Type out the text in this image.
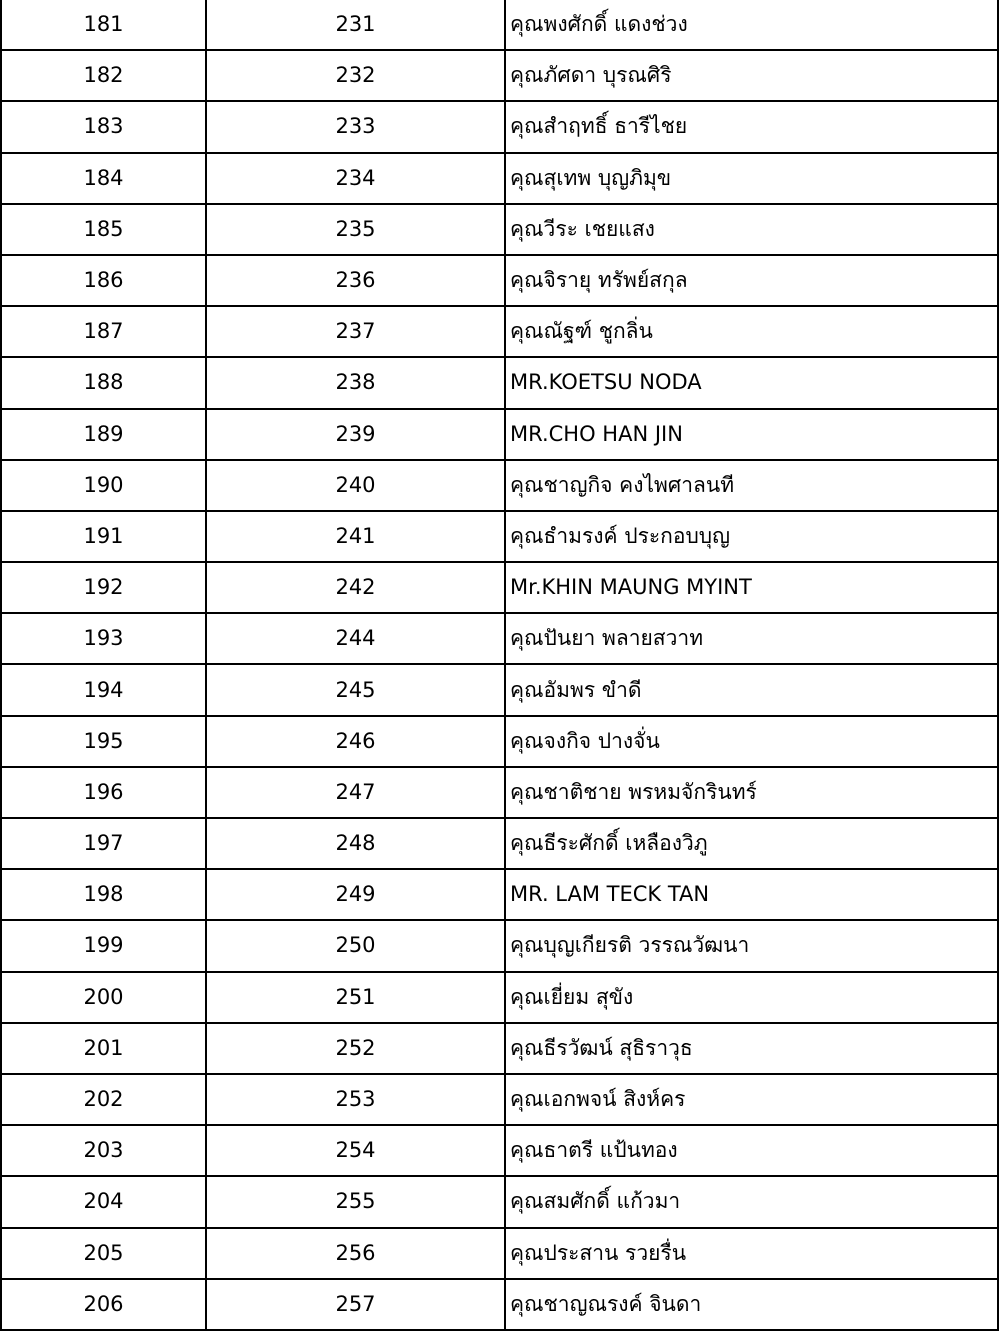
181	231	คุณพงศักดิ์ แดงช่วง
182	232	คุณภัศดา บุรณศิริ
183	233	คุณสำฤทธิ์ ธารีไชย
184	234	คุณสุเทพ บุญภิมุข
185	235	คุณวีระ เชยแสง
186	236	คุณจิรายุ ทรัพย์สกุล
187	237	คุณณัฐฑ์ ชูกลิ่น
188	238	MR.KOETSU NODA
189	239	MR.CHO HAN JIN
190	240	คุณชาญกิจ คงไพศาลนที
191	241	คุณธำมรงค์ ประกอบบุญ
192	242	Mr.KHIN MAUNG MYINT
193	244	คุณปันยา พลายสวาท
194	245	คุณอัมพร ขำดี
195	246	คุณจงกิจ ปางจั่น
196	247	คุณชาติชาย พรหมจักรินทร์
197	248	คุณธีระศักดิ์ เหลืองวิภู
198	249	MR. LAM TECK TAN
199	250	คุณบุญเกียรติ วรรณวัฒนา
200	251	คุณเยี่ยม สุขัง
201	252	คุณธีรวัฒน์ สุธิราวุธ
202	253	คุณเอกพจน์ สิงห์คร
203	254	คุณธาตรี แป้นทอง
204	255	คุณสมศักดิ์ แก้วมา
205	256	คุณประสาน รวยรื่น
206	257	คุณชาญณรงค์ จินดา
